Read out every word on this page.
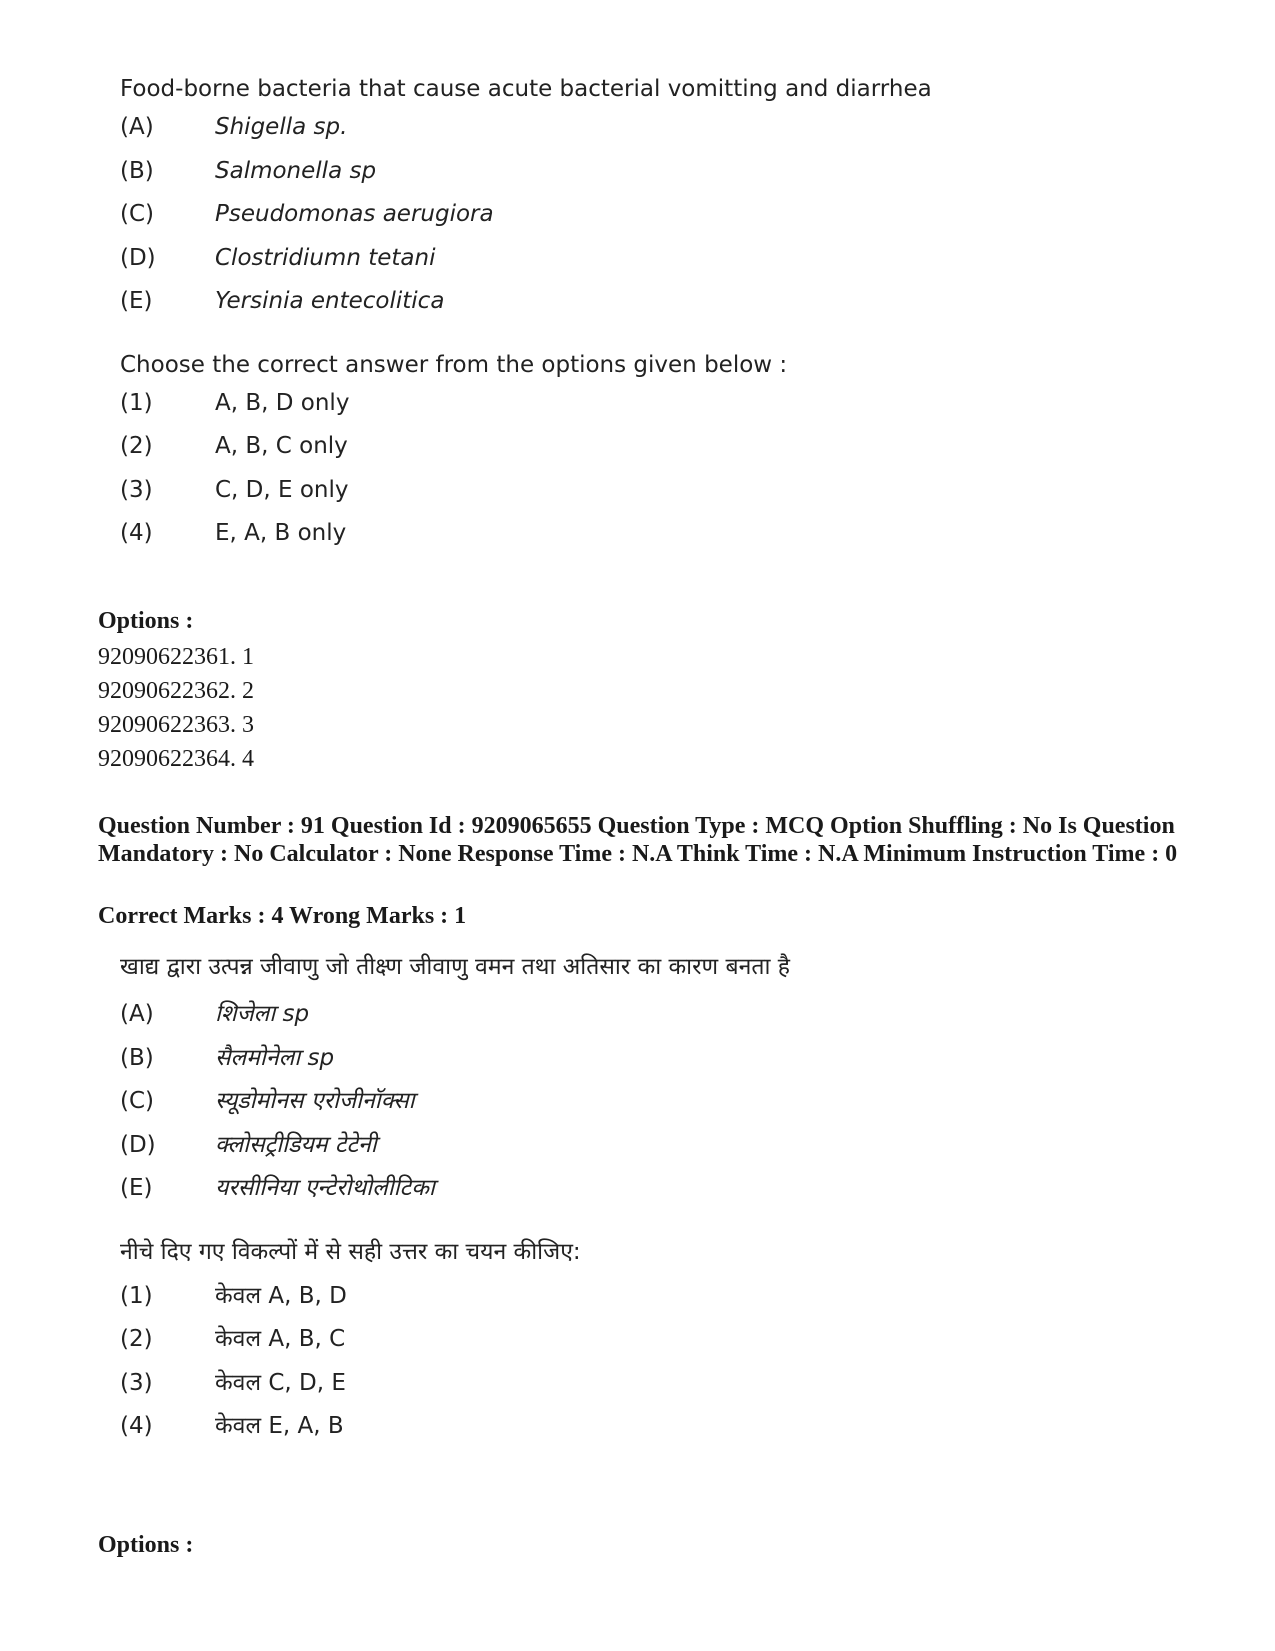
Food-borne bacteria that cause acute bacterial vomitting and diarrhea

(A)	Shigella sp.
(B)	Salmonella sp
(C)	Pseudomonas aerugiora
(D)	Clostridiumn tetani
(E)	Yersinia entecolitica

Choose the correct answer from the options given below :

(1)	A, B, D only
(2)	A, B, C only
(3)	C, D, E only
(4)	E, A, B only
Options :
92090622361. 1
92090622362. 2
92090622363. 3
92090622364. 4
Question Number : 91 Question Id : 9209065655 Question Type : MCQ Option Shuffling : No Is Question Mandatory : No Calculator : None Response Time : N.A Think Time : N.A Minimum Instruction Time : 0
Correct Marks : 4 Wrong Marks : 1

खाद्य द्वारा उत्पन्न जीवाणु जो तीक्ष्ण जीवाणु वमन तथा अतिसार का कारण बनता है

(A)	शिजेला sp
(B)	सैलमोनेला sp
(C)	स्यूडोमोनस एरोजीनॉक्सा
(D)	क्लोसट्रीडियम टेटेनी
(E)	यरसीनिया एन्टेरोथोलीटिका

नीचे दिए गए विकल्पों में से सही उत्तर का चयन कीजिए:

(1)	केवल A, B, D
(2)	केवल A, B, C
(3)	केवल C, D, E
(4)	केवल E, A, B
Options :
